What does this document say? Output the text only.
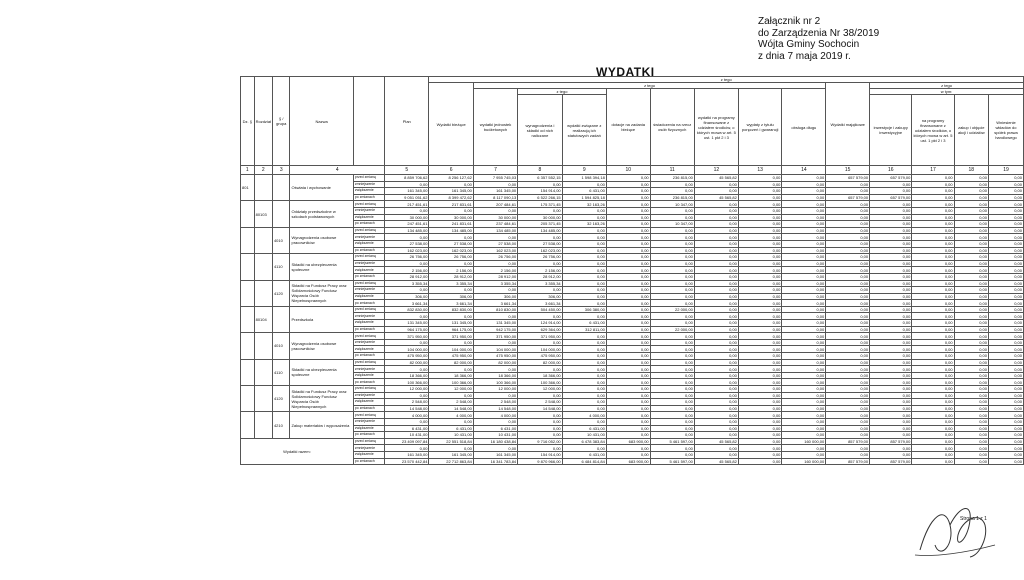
Załącznik nr 2
do Zarządzenia Nr 38/2019
Wójta Gminy Sochocin
z dnia 7 maja 2019 r.
WYDATKI
Dz. §	Rozdział	§ / grupa	Nazwa		Plan	z tego													
						Wydatki bieżące	z tego								Wydatki majątkowe	z tego			
							wydatki jednostek budżetowych	z tego		dotacje na zadania bieżące	świadczenia na rzecz osób fizycznych	wydatki na programy finansowane z udziałem środków, o których mowa w art. 5 ust. 1 pkt 2 i 3	wypłaty z tytułu poręczeń i gwarancji	obsługa długu		w tym:			
								wynagrodzenia i składki od nich naliczane	wydatki związane z realizacją ich statutowych zadań							inwestycje i zakupy inwestycyjne	na programy finansowane z udziałem środków, o których mowa w art. 5 ust. 1 pkt 2 i 3	zakup i objęcie akcji i udziałów	Wniesienie wkładów do spółek prawa handlowego
1	2	3	4		5	6	7	8	9	10	11	12	13	14	15	16	17	18	19
801			Oświata i wychowanie	przed zmianą	8 859 706,62	8 256 127,62	7 955 745,03	6 357 552,15	1 598 394,18	0,00	236 815,00	45 565,82	0,00	0,00	657 579,00	657 579,00	0,00	0,00	0,00
				zmniejszenie	0,00	0,00	0,00	0,00	0,00	0,00	0,00	0,00	0,00	0,00	0,00	0,00	0,00	0,00	0,00
				zwiększenie	161 345,00	161 345,00	161 345,00	154 914,00	6 431,00	0,00	0,00	0,00	0,00	0,00	0,00	0,00	0,00	0,00	0,00
				po zmianach	9 051 051,62	8 399 472,62	8 117 090,13	6 522 266,15	1 594 825,18	0,00	236 815,00	45 565,82	0,00	0,00	657 579,00	657 579,00	0,00	0,00	0,00
	80103		Oddziały przedszkolne w szkołach podstawowych	przed zmianą	217 451,61	217 831,61	207 484,61	175 371,45	32 163,26	0,00	10 347,00	0,00	0,00	0,00	0,00	0,00	0,00	0,00	0,00
				zmniejszenie	0,00	0,00	0,00	0,00	0,00	0,00	0,00	0,00	0,00	0,00	0,00	0,00	0,00	0,00	0,00
				zwiększenie	30 000,00	30 000,00	30 000,00	30 000,00	0,00	0,00	0,00	0,00	0,00	0,00	0,00	0,00	0,00	0,00	0,00
				po zmianach	247 451,61	241 831,61	237 484,61	205 371,45	32 163,26	0,00	10 347,00	0,00	0,00	0,00	0,00	0,00	0,00	0,00	0,00
		4010	Wynagrodzenia osobowe pracowników	przed zmianą	134 485,00	134 485,00	134 485,00	134 485,00	0,00	0,00	0,00	0,00	0,00	0,00	0,00	0,00	0,00	0,00	0,00
				zmniejszenie	0,00	0,00	0,00	0,00	0,00	0,00	0,00	0,00	0,00	0,00	0,00	0,00	0,00	0,00	0,00
				zwiększenie	27 538,00	27 538,00	27 538,00	27 538,00	0,00	0,00	0,00	0,00	0,00	0,00	0,00	0,00	0,00	0,00	0,00
				po zmianach	162 023,00	162 023,00	162 023,00	162 023,00	0,00	0,00	0,00	0,00	0,00	0,00	0,00	0,00	0,00	0,00	0,00
		4110	Składki na ubezpieczenia społeczne	przed zmianą	26 756,00	26 756,00	26 756,00	26 756,00	0,00	0,00	0,00	0,00	0,00	0,00	0,00	0,00	0,00	0,00	0,00
				zmniejszenie	0,00	0,00	0,00	0,00	0,00	0,00	0,00	0,00	0,00	0,00	0,00	0,00	0,00	0,00	0,00
				zwiększenie	2 156,00	2 156,00	2 156,00	2 156,00	0,00	0,00	0,00	0,00	0,00	0,00	0,00	0,00	0,00	0,00	0,00
				po zmianach	28 912,00	28 912,00	28 912,00	28 912,00	0,00	0,00	0,00	0,00	0,00	0,00	0,00	0,00	0,00	0,00	0,00
		4120	Składki na Fundusz Pracy oraz Solidarnościowy Fundusz Wsparcia Osób Niepełnosprawnych	przed zmianą	3 355,34	3 355,34	3 355,34	3 355,34	0,00	0,00	0,00	0,00	0,00	0,00	0,00	0,00	0,00	0,00	0,00
				zmniejszenie	0,00	0,00	0,00	0,00	0,00	0,00	0,00	0,00	0,00	0,00	0,00	0,00	0,00	0,00	0,00
				zwiększenie	306,00	306,00	306,00	306,00	0,00	0,00	0,00	0,00	0,00	0,00	0,00	0,00	0,00	0,00	0,00
				po zmianach	3 661,34	3 661,34	3 661,34	3 661,34	0,00	0,00	0,00	0,00	0,00	0,00	0,00	0,00	0,00	0,00	0,00
	80104		Przedszkola	przed zmianą	832 830,00	832 830,00	810 830,00	504 450,00	306 380,00	0,00	22 000,00	0,00	0,00	0,00	0,00	0,00	0,00	0,00	0,00
				zmniejszenie	0,00	0,00	0,00	0,00	0,00	0,00	0,00	0,00	0,00	0,00	0,00	0,00	0,00	0,00	0,00
				zwiększenie	131 345,00	131 345,00	131 345,00	124 914,00	6 431,00	0,00	0,00	0,00	0,00	0,00	0,00	0,00	0,00	0,00	0,00
				po zmianach	964 175,00	964 175,00	942 175,00	629 364,00	312 811,00	0,00	22 000,00	0,00	0,00	0,00	0,00	0,00	0,00	0,00	0,00
		4010	Wynagrodzenia osobowe pracowników	przed zmianą	371 950,00	371 950,00	371 950,00	371 950,00	0,00	0,00	0,00	0,00	0,00	0,00	0,00	0,00	0,00	0,00	0,00
				zmniejszenie	0,00	0,00	0,00	0,00	0,00	0,00	0,00	0,00	0,00	0,00	0,00	0,00	0,00	0,00	0,00
				zwiększenie	104 000,00	104 000,00	104 000,00	104 000,00	0,00	0,00	0,00	0,00	0,00	0,00	0,00	0,00	0,00	0,00	0,00
				po zmianach	475 950,00	475 950,00	475 950,00	475 950,00	0,00	0,00	0,00	0,00	0,00	0,00	0,00	0,00	0,00	0,00	0,00
		4110	Składki na ubezpieczenia społeczne	przed zmianą	82 000,00	82 000,00	82 000,00	82 000,00	0,00	0,00	0,00	0,00	0,00	0,00	0,00	0,00	0,00	0,00	0,00
				zmniejszenie	0,00	0,00	0,00	0,00	0,00	0,00	0,00	0,00	0,00	0,00	0,00	0,00	0,00	0,00	0,00
				zwiększenie	18 366,00	18 366,00	18 366,00	18 366,00	0,00	0,00	0,00	0,00	0,00	0,00	0,00	0,00	0,00	0,00	0,00
				po zmianach	100 366,00	100 366,00	100 366,00	100 366,00	0,00	0,00	0,00	0,00	0,00	0,00	0,00	0,00	0,00	0,00	0,00
		4120	Składki na Fundusz Pracy oraz Solidarnościowy Fundusz Wsparcia Osób Niepełnosprawnych	przed zmianą	12 000,00	12 000,00	12 000,00	12 000,00	0,00	0,00	0,00	0,00	0,00	0,00	0,00	0,00	0,00	0,00	0,00
				zmniejszenie	0,00	0,00	0,00	0,00	0,00	0,00	0,00	0,00	0,00	0,00	0,00	0,00	0,00	0,00	0,00
				zwiększenie	2 548,00	2 548,00	2 548,00	2 548,00	0,00	0,00	0,00	0,00	0,00	0,00	0,00	0,00	0,00	0,00	0,00
				po zmianach	14 548,00	14 548,00	14 548,00	14 548,00	0,00	0,00	0,00	0,00	0,00	0,00	0,00	0,00	0,00	0,00	0,00
		4210	Zakup materiałów i wyposażenia	przed zmianą	4 000,00	4 000,00	4 000,00	0,00	4 000,00	0,00	0,00	0,00	0,00	0,00	0,00	0,00	0,00	0,00	0,00
				zmniejszenie	0,00	0,00	0,00	0,00	0,00	0,00	0,00	0,00	0,00	0,00	0,00	0,00	0,00	0,00	0,00
				zwiększenie	6 431,00	6 431,00	6 431,00	0,00	6 431,00	0,00	0,00	0,00	0,00	0,00	0,00	0,00	0,00	0,00	0,00
				po zmianach	10 431,00	10 431,00	10 431,00	0,00	10 431,00	0,00	0,00	0,00	0,00	0,00	0,00	0,00	0,00	0,00	0,00
Wydatki razem:				przed zmianą	23 409 097,84	22 551 518,84	16 180 438,84	9 716 052,00	6 478 383,84	683 900,00	5 461 597,00	45 565,82	0,00	160 000,00	857 579,00	857 579,00	0,00	0,00	0,00
				zmniejszenie	0,00	0,00	0,00	0,00	0,00	0,00	0,00	0,00	0,00	0,00	0,00	0,00	0,00	0,00	0,00
				zwiększenie	161 345,00	161 345,00	161 345,00	154 914,00	6 431,00	0,00	0,00	0,00	0,00	0,00	0,00	0,00	0,00	0,00	0,00
				po zmianach	23 570 442,84	22 712 863,84	16 341 783,84	9 870 966,00	6 484 814,84	683 900,00	5 461 597,00	45 565,82	0,00	160 000,00	857 579,00	857 579,00	0,00	0,00	0,00
Strona 1 z 1
